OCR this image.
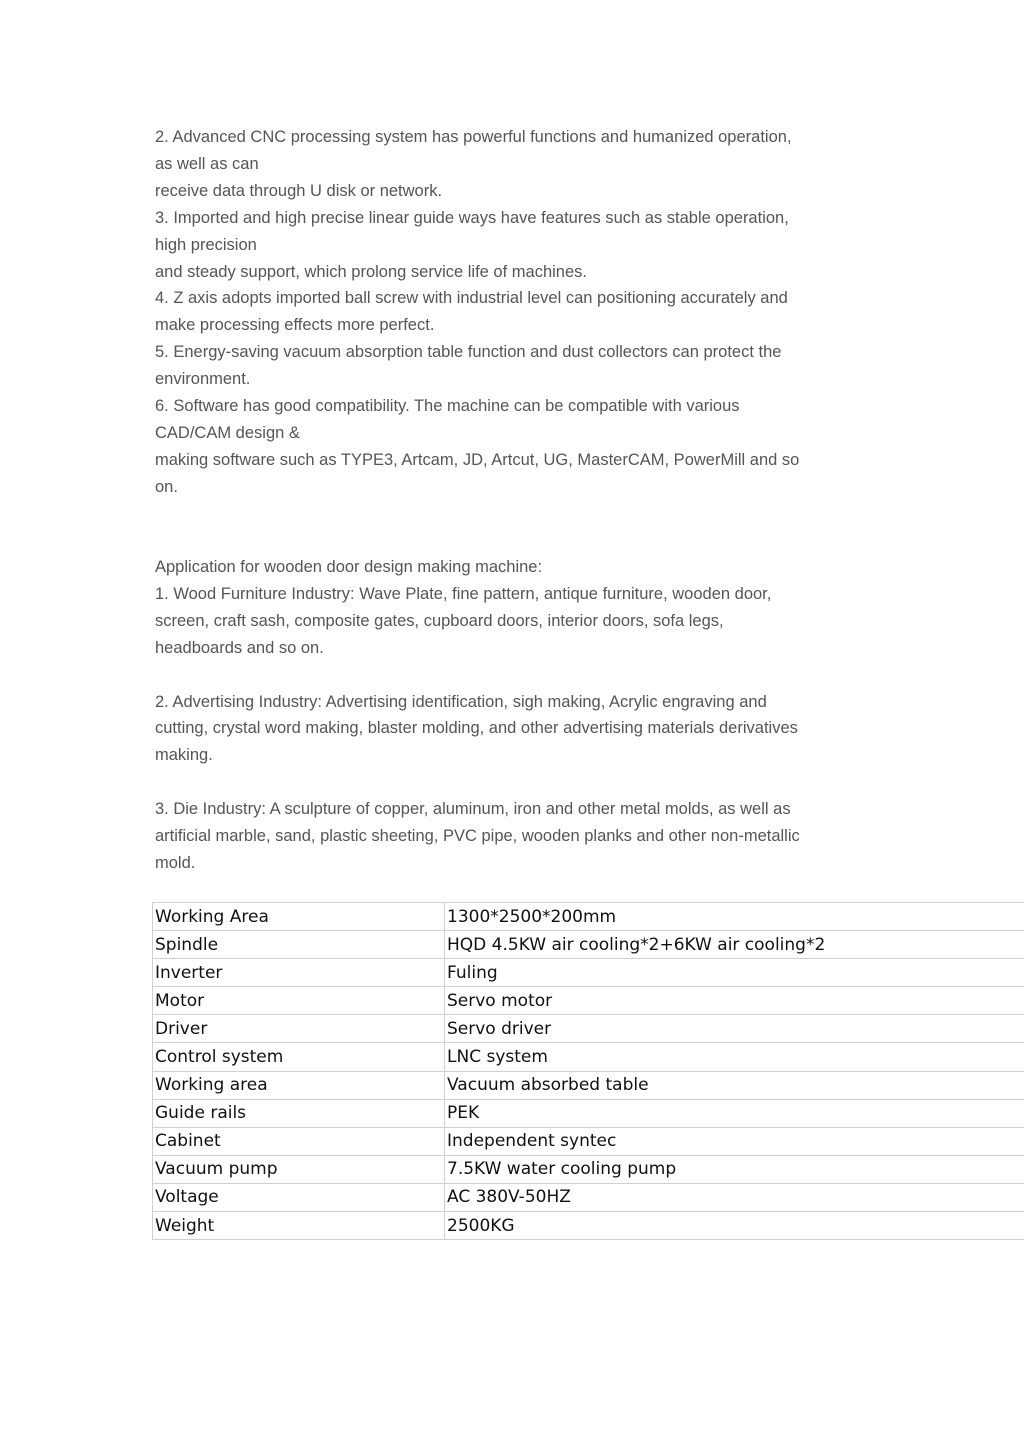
2. Advanced CNC processing system has powerful functions and humanized operation,
as well as can
receive data through U disk or network.
3. Imported and high precise linear guide ways have features such as stable operation,
high precision
and steady support, which prolong service life of machines.
4. Z axis adopts imported ball screw with industrial level can positioning accurately and
make processing effects more perfect.
5. Energy-saving vacuum absorption table function and dust collectors can protect the
environment.
6. Software has good compatibility. The machine can be compatible with various
CAD/CAM design &
making software such as TYPE3, Artcam, JD, Artcut, UG, MasterCAM, PowerMill and so
on.
Application for wooden door design making machine:
1. Wood Furniture Industry: Wave Plate, fine pattern, antique furniture, wooden door,
screen, craft sash, composite gates, cupboard doors, interior doors, sofa legs,
headboards and so on.
2. Advertising Industry: Advertising identification, sigh making, Acrylic engraving and
cutting, crystal word making, blaster molding, and other advertising materials derivatives
making.
3. Die Industry: A sculpture of copper, aluminum, iron and other metal molds, as well as
artificial marble, sand, plastic sheeting, PVC pipe, wooden planks and other non-metallic
mold.
Working Area	1300*2500*200mm
Spindle	HQD 4.5KW air cooling*2+6KW air cooling*2
Inverter	Fuling
Motor	Servo motor
Driver	Servo driver
Control system	LNC system
Working area	Vacuum absorbed table
Guide rails	PEK
Cabinet	Independent syntec
Vacuum pump	7.5KW water cooling pump
Voltage	AC 380V-50HZ
Weight	2500KG
